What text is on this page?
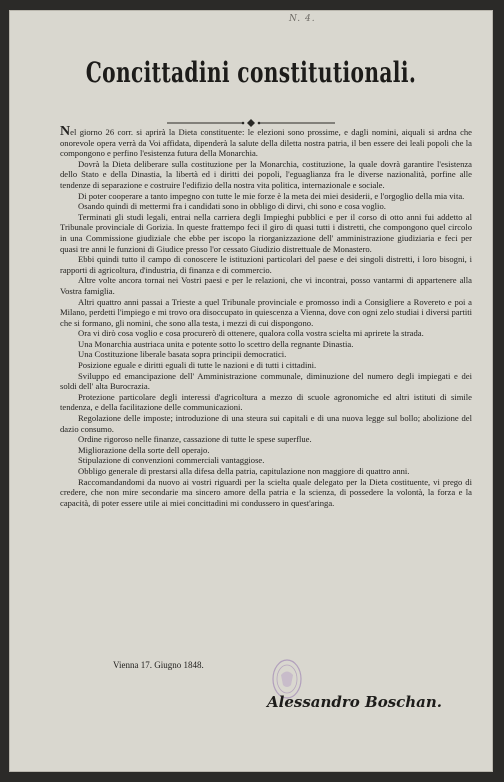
N. 4.
Concittadini constitutionali.

Nel giorno 26 corr. si aprirà la Dieta constituente: le elezioni sono prossime, e dagli nomini, aiquali si ardna che onorevole opera verrà da Voi affidata, dipenderà la salute della diletta nostra patria, il ben essere dei leali popoli che la compongono e perfino l'esistenza futura della Monarchia.

Dovrà la Dieta deliberare sulla costituzione per la Monarchia, costituzione, la quale dovrà garantire l'esistenza dello Stato e della Dinastia, la libertà ed i diritti dei popoli, l'eguaglianza fra le diverse nazionalità, porfine alle tendenze di separazione e costruire l'edifizio della nostra vita politica, internazionale e sociale.

Di poter cooperare a tanto impegno con tutte le mie forze è la meta dei miei desiderii, e l'orgoglio della mia vita.

Osando quindi di mettermi fra i candidati sono in obbligo di dirvi, chi sono e cosa voglio.

Terminati gli studi legali, entrai nella carriera degli Impieghi pubblici e per il corso di otto anni fui addetto al Tribunale provinciale di Gorizia. In queste frattempo feci il giro di quasi tutti i distretti, che compongono quel circolo in una Commissione giudiziale che ebbe per iscopo la riorganizzazione dell' amministrazione giudiziaria e feci per quasi tre anni le funzioni di Giudice presso l'or cessato Giudizio distrettuale de Monastero.

Ebbi quindi tutto il campo di conoscere le istituzioni particolari del paese e dei singoli distretti, i loro bisogni, i rapporti di agricoltura, d'industria, di finanza e di commercio.

Altre volte ancora tornai nei Vostri paesi e per le relazioni, che vi incontrai, posso vantarmi di appartenere alla Vostra famiglia.

Altri quattro anni passai a Trieste a quel Tribunale provinciale e promosso indi a Consigliere a Rovereto e poi a Milano, perdetti l'impiego e mi trovo ora disoccupato in quiescenza a Vienna, dove con ogni zelo studiai i diversi partiti che si formano, gli nomini, che sono alla testa, i mezzi di cui dispongono.

Ora vi dirò cosa voglio e cosa procurerò di ottenere, qualora colla vostra scielta mi aprirete la strada.

Una Monarchia austriaca unita e potente sotto lo scettro della regnante Dinastia.

Una Costituzione liberale basata sopra principii democratici.

Posizione eguale e diritti eguali di tutte le nazioni e di tutti i cittadini.

Sviluppo ed emancipazione dell' Amministrazione communale, diminuzione del numero degli impiegati e dei soldi dell' alta Burocrazia.

Protezione particolare degli interessi d'agricoltura a mezzo di scuole agronomiche ed altri istituti di simile tendenza, e della facilitazione delle communicazioni.

Regolazione delle imposte; introduzione di una steura sui capitali e di una nuova legge sul bollo; abolizione del dazio consumo.

Ordine rigoroso nelle finanze, cassazione di tutte le spese superflue.

Migliorazione della sorte dell operajo.

Stipulazione di convenzioni commerciali vantaggiose.

Obbligo generale di prestarsi alla difesa della patria, capitulazione non maggiore di quattro anni.

Raccomandandomi da nuovo ai vostri riguardi per la scielta quale delegato per la Dieta costituente, vi prego di credere, che non mire secondarie ma sincero amore della patria e la scienza, di possedere la volontà, la forza e la capacità, di poter essere utile ai miei concittadini mi condussero in quest'aringa.

Vienna 17. Giugno 1848.
Alessandro Boschan.
